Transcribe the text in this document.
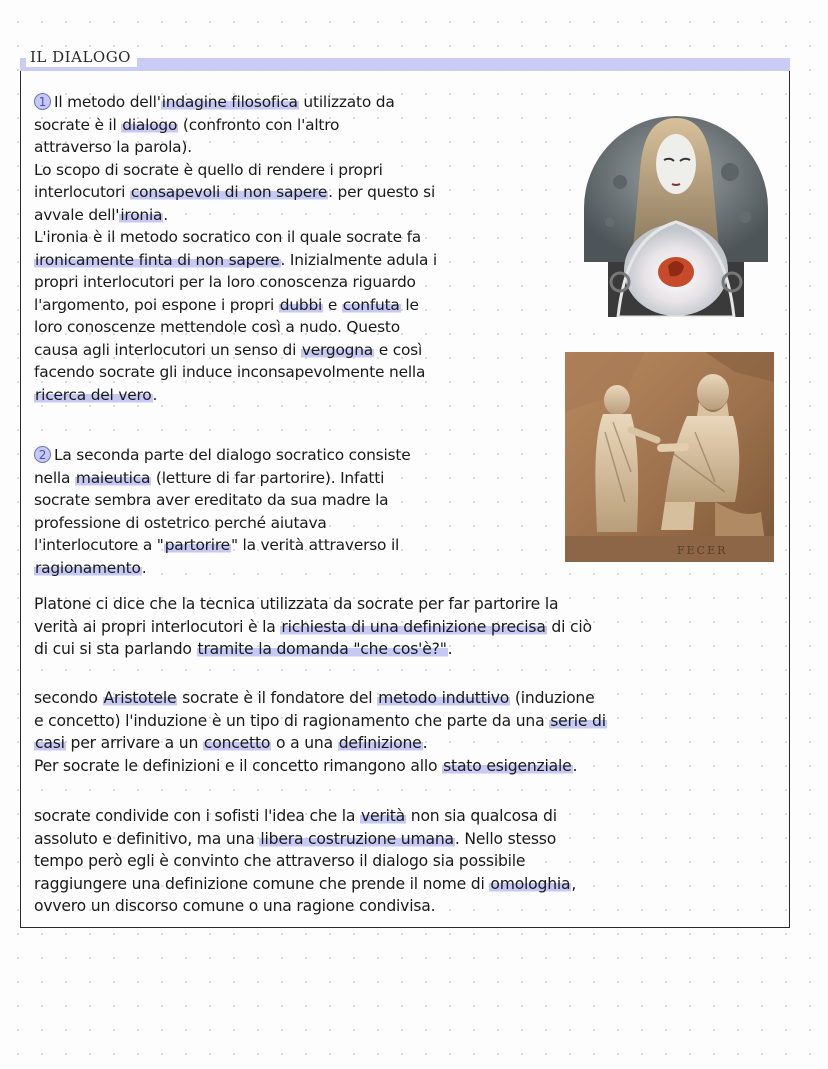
IL DIALOGO

1 Il metodo dell'indagine filosofica utilizzato da
socrate è il dialogo (confronto con l'altro
attraverso la parola).
Lo scopo di socrate è quello di rendere i propri
interlocutori consapevoli di non sapere. per questo si
avvale dell'ironia.
L'ironia è il metodo socratico con il quale socrate fa
ironicamente finta di non sapere. Inizialmente adula i
propri interlocutori per la loro conoscenza riguardo
l'argomento, poi espone i propri dubbi e confuta le
loro conoscenze mettendole così a nudo. Questo
causa agli interlocutori un senso di vergogna e così
facendo socrate gli induce inconsapevolmente nella
ricerca del vero.

2 La seconda parte del dialogo socratico consiste
nella maieutica (letture di far partorire). Infatti
socrate sembra aver ereditato da sua madre la
professione di ostetrico perché aiutava
l'interlocutore a "partorire" la verità attraverso il
ragionamento.

Platone ci dice che la tecnica utilizzata da socrate per far partorire la
verità ai propri interlocutori è la richiesta di una definizione precisa di ciò
di cui si sta parlando tramite la domanda "che cos'è?".

secondo Aristotele socrate è il fondatore del metodo induttivo (induzione
e concetto) l'induzione è un tipo di ragionamento che parte da una serie di
casi per arrivare a un concetto o a una definizione.
Per socrate le definizioni e il concetto rimangono allo stato esigenziale.

socrate condivide con i sofisti l'idea che la verità non sia qualcosa di
assoluto e definitivo, ma una libera costruzione umana. Nello stesso
tempo però egli è convinto che attraverso il dialogo sia possibile
raggiungere una definizione comune che prende il nome di omologhia,
ovvero un discorso comune o una ragione condivisa.

FECER
